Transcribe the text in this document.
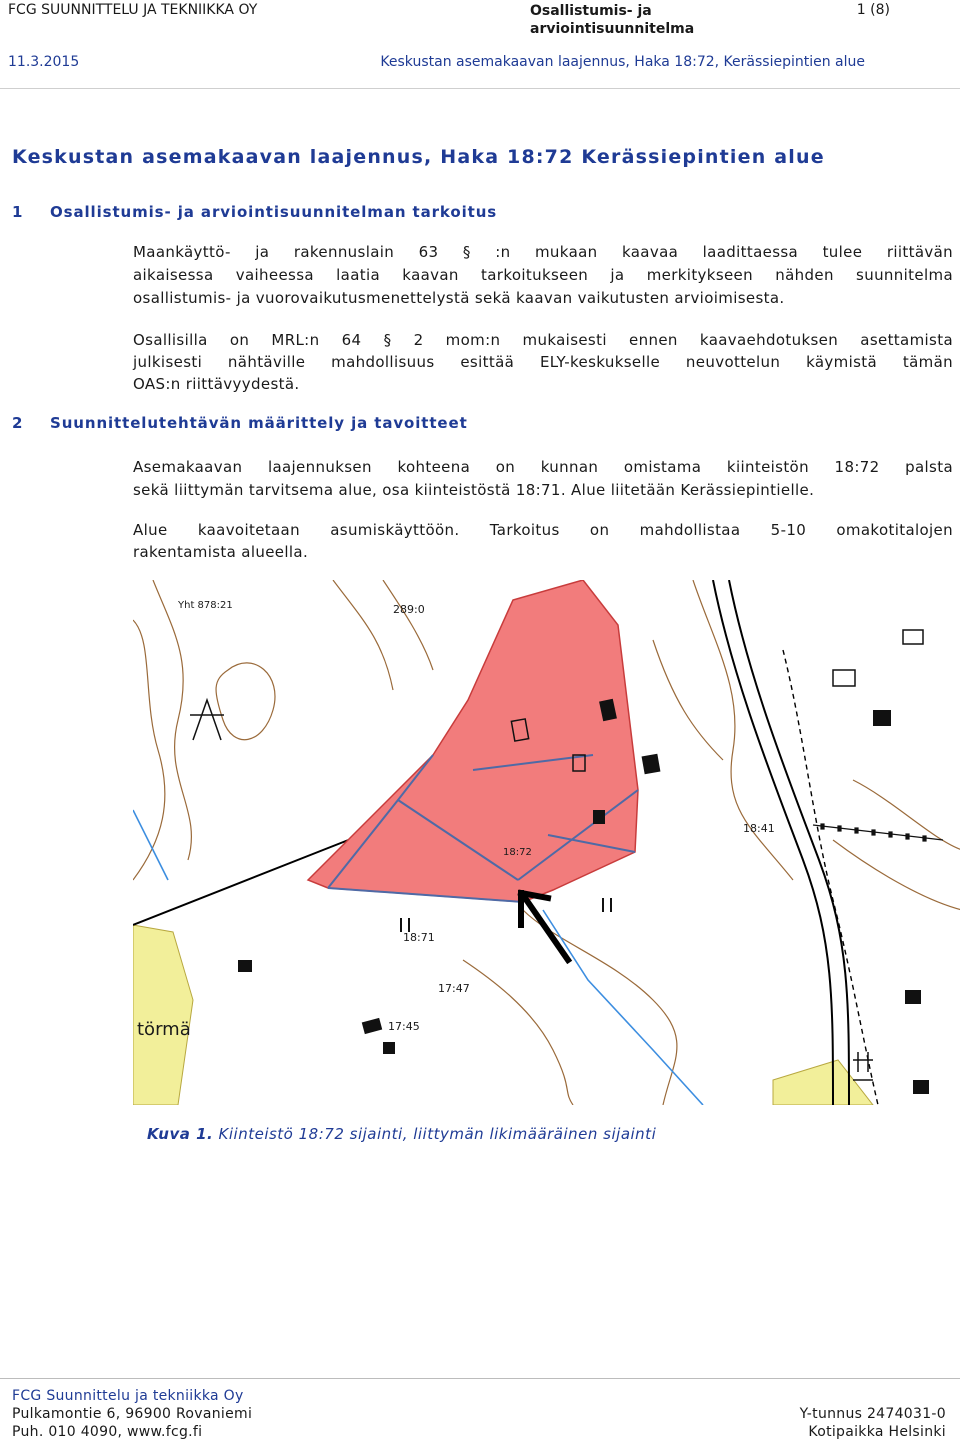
FCG SUUNNITTELU JA TEKNIIKKA OY	Osallistumis- ja
arviointisuunnitelma
1 (8)
11.3.2015	Keskustan asemakaavan laajennus, Haka 18:72, Kerässiepintien alue
Keskustan asemakaavan laajennus, Haka 18:72 Kerässiepintien alue
1 Osallistumis- ja arviointisuunnitelman tarkoitus
Maankäyttö- ja rakennuslain 63 § :n mukaan kaavaa laadittaessa tulee riittävän
aikaisessa vaiheessa laatia kaavan tarkoitukseen ja merkitykseen nähden suunnitelma
osallistumis- ja vuorovaikutusmenettelystä sekä kaavan vaikutusten arvioimisesta.
Osallisilla on MRL:n 64 § 2 mom:n mukaisesti ennen kaavaehdotuksen asettamista
julkisesti nähtäville mahdollisuus esittää ELY-keskukselle neuvottelun käymistä tämän
OAS:n riittävyydestä.
2 Suunnittelutehtävän määrittely ja tavoitteet
Asemakaavan laajennuksen kohteena on kunnan omistama kiinteistön 18:72 palsta
sekä liittymän tarvitsema alue, osa kiinteistöstä 18:71. Alue liitetään Kerässiepintielle.
Alue kaavoitetaan asumiskäyttöön. Tarkoitus on mahdollistaa 5-10 omakotitalojen
rakentamista alueella.
Yht 878:21	289:0
18:72
18:71
18:41
17:47
17:45
törmä
Kuva 1. Kiinteistö 18:72 sijainti, liittymän likimääräinen sijainti
FCG Suunnittelu ja tekniikka Oy
Pulkamontie 6, 96900 Rovaniemi
Puh. 010 4090, www.fcg.fi
Y-tunnus 2474031-0
Kotipaikka Helsinki
